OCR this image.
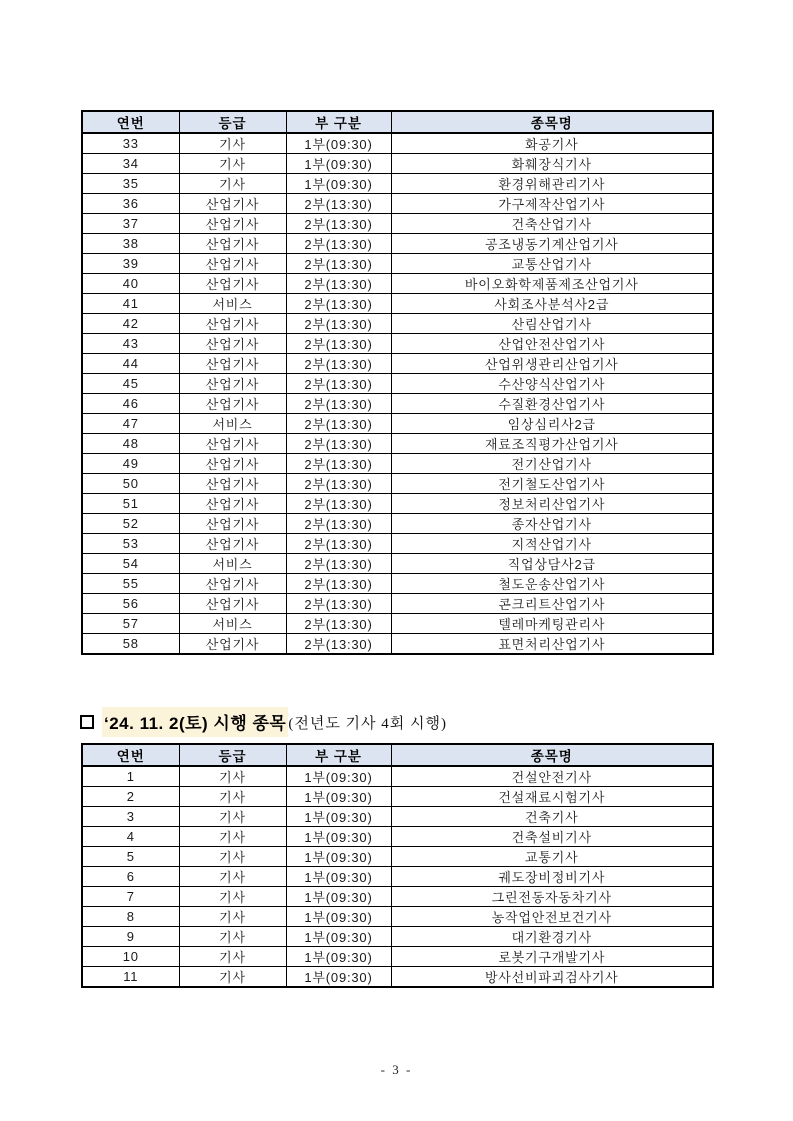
연번	등급	부 구분	종목명
33	기사	1부(09:30)	화공기사
34	기사	1부(09:30)	화훼장식기사
35	기사	1부(09:30)	환경위해관리기사
36	산업기사	2부(13:30)	가구제작산업기사
37	산업기사	2부(13:30)	건축산업기사
38	산업기사	2부(13:30)	공조냉동기계산업기사
39	산업기사	2부(13:30)	교통산업기사
40	산업기사	2부(13:30)	바이오화학제품제조산업기사
41	서비스	2부(13:30)	사회조사분석사2급
42	산업기사	2부(13:30)	산림산업기사
43	산업기사	2부(13:30)	산업안전산업기사
44	산업기사	2부(13:30)	산업위생관리산업기사
45	산업기사	2부(13:30)	수산양식산업기사
46	산업기사	2부(13:30)	수질환경산업기사
47	서비스	2부(13:30)	임상심리사2급
48	산업기사	2부(13:30)	재료조직평가산업기사
49	산업기사	2부(13:30)	전기산업기사
50	산업기사	2부(13:30)	전기철도산업기사
51	산업기사	2부(13:30)	정보처리산업기사
52	산업기사	2부(13:30)	종자산업기사
53	산업기사	2부(13:30)	지적산업기사
54	서비스	2부(13:30)	직업상담사2급
55	산업기사	2부(13:30)	철도운송산업기사
56	산업기사	2부(13:30)	콘크리트산업기사
57	서비스	2부(13:30)	텔레마케팅관리사
58	산업기사	2부(13:30)	표면처리산업기사
‘24. 11. 2(토) 시행 종목 (전년도 기사 4회 시행)
연번	등급	부 구분	종목명
1	기사	1부(09:30)	건설안전기사
2	기사	1부(09:30)	건설재료시험기사
3	기사	1부(09:30)	건축기사
4	기사	1부(09:30)	건축설비기사
5	기사	1부(09:30)	교통기사
6	기사	1부(09:30)	궤도장비정비기사
7	기사	1부(09:30)	그린전동자동차기사
8	기사	1부(09:30)	농작업안전보건기사
9	기사	1부(09:30)	대기환경기사
10	기사	1부(09:30)	로봇기구개발기사
11	기사	1부(09:30)	방사선비파괴검사기사
- 3 -
